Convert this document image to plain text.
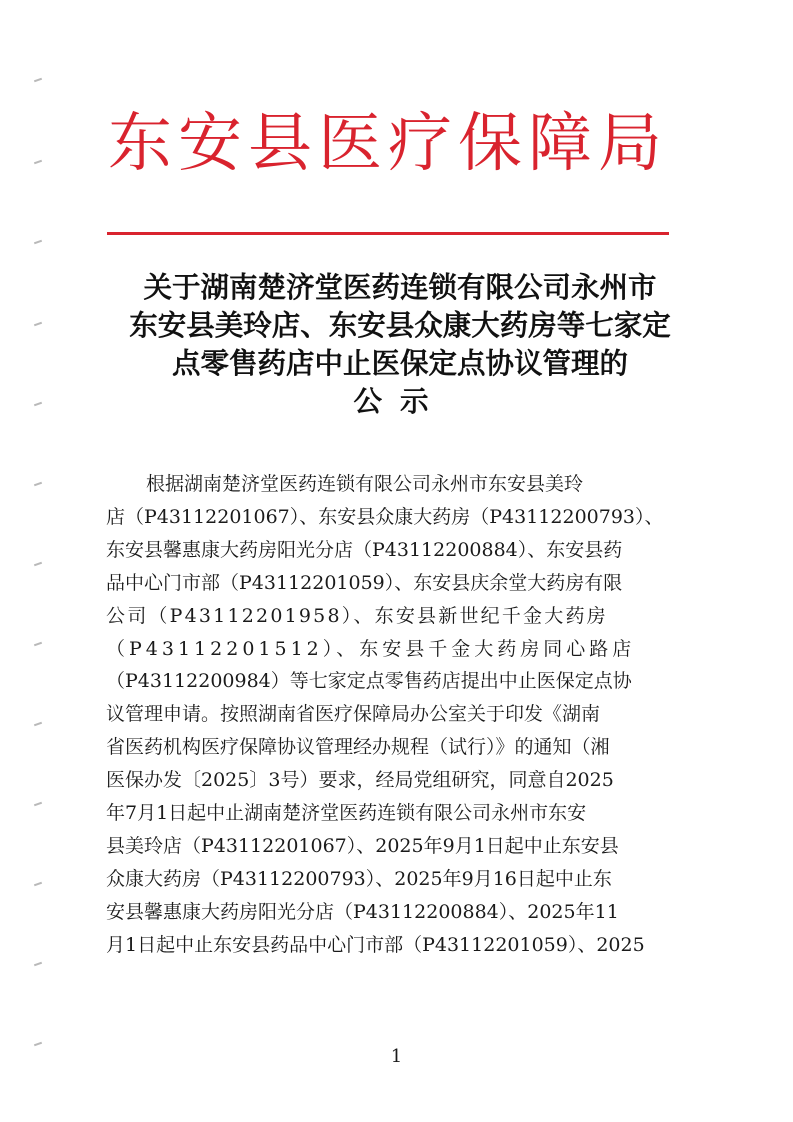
东安县医疗保障局
关于湖南楚济堂医药连锁有限公司永州市
东安县美玲店、东安县众康大药房等七家定
点零售药店中止医保定点协议管理的
公示
根据湖南楚济堂医药连锁有限公司永州市东安县美玲
店（P43112201067）、东安县众康大药房（P43112200793）、
东安县馨惠康大药房阳光分店（P43112200884）、东安县药
品中心门市部（P43112201059）、东安县庆余堂大药房有限
公司（P43112201958）、东安县新世纪千金大药房
（P43112201512）、东安县千金大药房同心路店
（P43112200984）等七家定点零售药店提出中止医保定点协
议管理申请。按照湖南省医疗保障局办公室关于印发《湖南
省医药机构医疗保障协议管理经办规程（试行）》的通知（湘
医保办发〔2025〕3号）要求，经局党组研究，同意自2025
年7月1日起中止湖南楚济堂医药连锁有限公司永州市东安
县美玲店（P43112201067）、2025年9月1日起中止东安县
众康大药房（P43112200793）、2025年9月16日起中止东
安县馨惠康大药房阳光分店（P43112200884）、2025年11
月1日起中止东安县药品中心门市部（P43112201059）、2025
1
